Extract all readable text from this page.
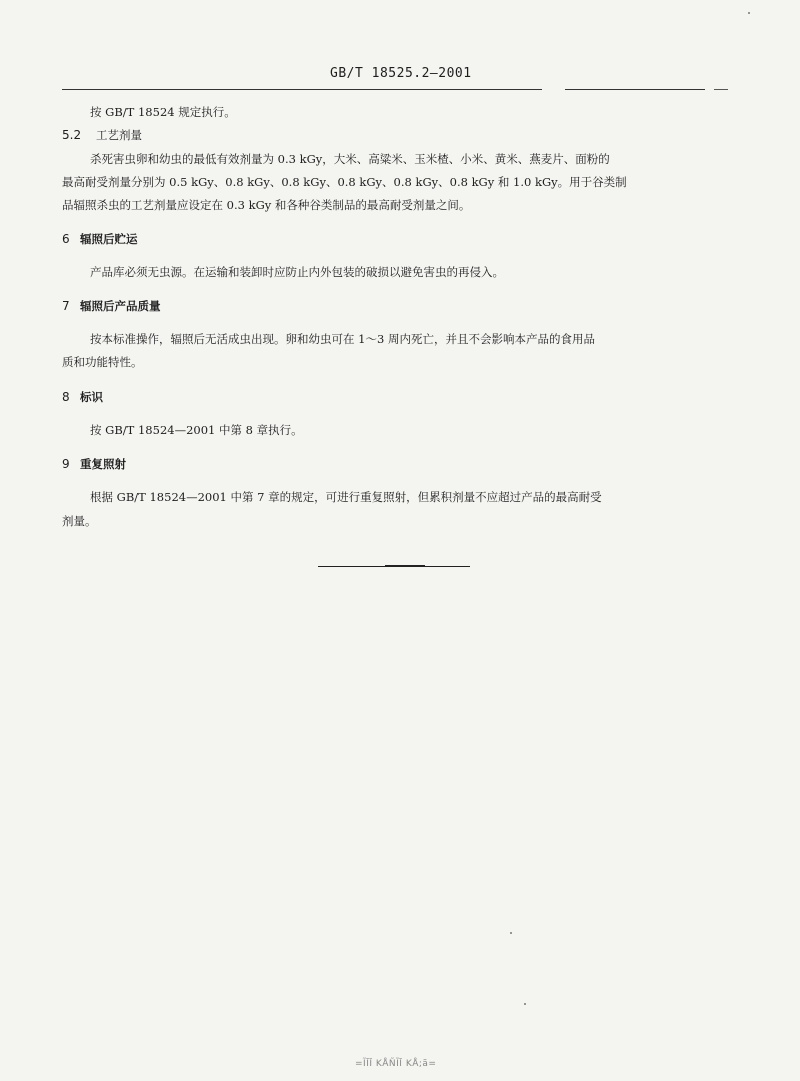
GB/T 18525.2—2001
按 GB/T 18524 规定执行。
5.2 工艺剂量
杀死害虫卵和幼虫的最低有效剂量为 0.3 kGy，大米、高粱米、玉米楂、小米、黄米、燕麦片、面粉的
最高耐受剂量分别为 0.5 kGy、0.8 kGy、0.8 kGy、0.8 kGy、0.8 kGy、0.8 kGy 和 1.0 kGy。用于谷类制
品辐照杀虫的工艺剂量应设定在 0.3 kGy 和各种谷类制品的最高耐受剂量之间。
6 辐照后贮运
产品库必须无虫源。在运输和装卸时应防止内外包装的破损以避免害虫的再侵入。
7 辐照后产品质量
按本标准操作，辐照后无活成虫出现。卵和幼虫可在 1～3 周内死亡，并且不会影响本产品的食用品
质和功能特性。
8 标识
按 GB/T 18524—2001 中第 8 章执行。
9 重复照射
根据 GB/T 18524—2001 中第 7 章的规定，可进行重复照射，但累积剂量不应超过产品的最高耐受
剂量。
=ĨĪĪ KÅÑĨĪ KÅ;ã=
